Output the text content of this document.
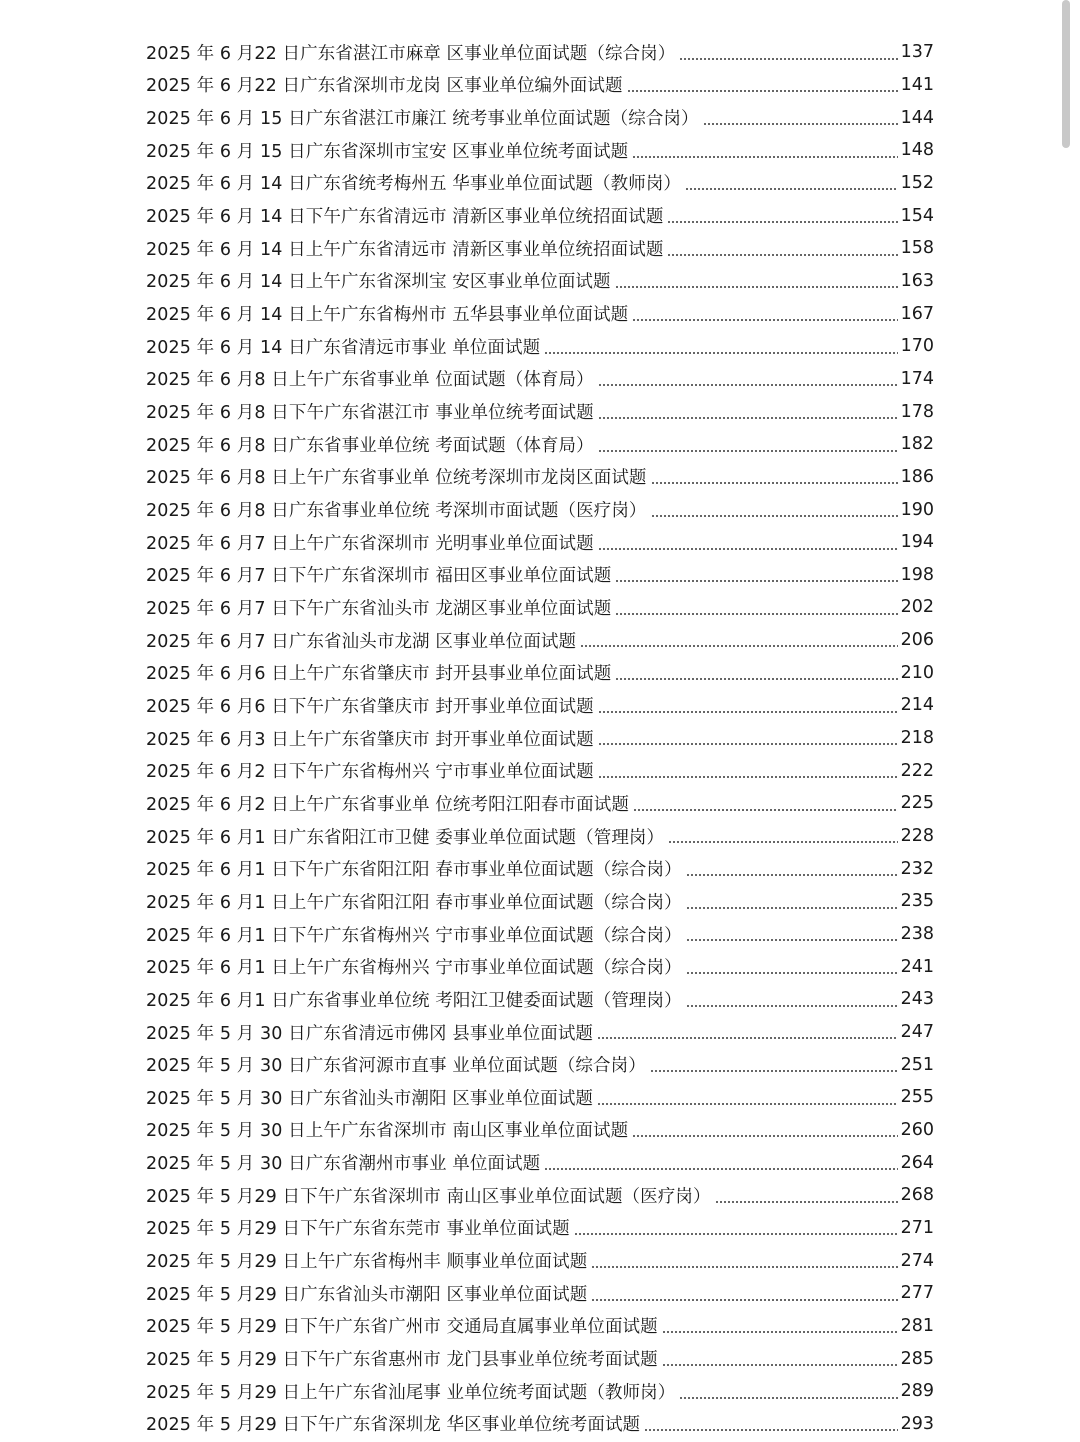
2025 年 6 月22 日广东省湛江市麻章 区事业单位面试题（综合岗）	137
2025 年 6 月22 日广东省深圳市龙岗 区事业单位编外面试题	141
2025 年 6 月 15 日广东省湛江市廉江 统考事业单位面试题（综合岗）	144
2025 年 6 月 15 日广东省深圳市宝安 区事业单位统考面试题	148
2025 年 6 月 14 日广东省统考梅州五 华事业单位面试题（教师岗）	152
2025 年 6 月 14 日下午广东省清远市 清新区事业单位统招面试题	154
2025 年 6 月 14 日上午广东省清远市 清新区事业单位统招面试题	158
2025 年 6 月 14 日上午广东省深圳宝 安区事业单位面试题	163
2025 年 6 月 14 日上午广东省梅州市 五华县事业单位面试题	167
2025 年 6 月 14 日广东省清远市事业 单位面试题	170
2025 年 6 月8 日上午广东省事业单 位面试题（体育局）	174
2025 年 6 月8 日下午广东省湛江市 事业单位统考面试题	178
2025 年 6 月8 日广东省事业单位统 考面试题（体育局）	182
2025 年 6 月8 日上午广东省事业单 位统考深圳市龙岗区面试题	186
2025 年 6 月8 日广东省事业单位统 考深圳市面试题（医疗岗）	190
2025 年 6 月7 日上午广东省深圳市 光明事业单位面试题	194
2025 年 6 月7 日下午广东省深圳市 福田区事业单位面试题	198
2025 年 6 月7 日下午广东省汕头市 龙湖区事业单位面试题	202
2025 年 6 月7 日广东省汕头市龙湖 区事业单位面试题	206
2025 年 6 月6 日上午广东省肇庆市 封开县事业单位面试题	210
2025 年 6 月6 日下午广东省肇庆市 封开事业单位面试题	214
2025 年 6 月3 日上午广东省肇庆市 封开事业单位面试题	218
2025 年 6 月2 日下午广东省梅州兴 宁市事业单位面试题	222
2025 年 6 月2 日上午广东省事业单 位统考阳江阳春市面试题	225
2025 年 6 月1 日广东省阳江市卫健 委事业单位面试题（管理岗）	228
2025 年 6 月1 日下午广东省阳江阳 春市事业单位面试题（综合岗）	232
2025 年 6 月1 日上午广东省阳江阳 春市事业单位面试题（综合岗）	235
2025 年 6 月1 日下午广东省梅州兴 宁市事业单位面试题（综合岗）	238
2025 年 6 月1 日上午广东省梅州兴 宁市事业单位面试题（综合岗）	241
2025 年 6 月1 日广东省事业单位统 考阳江卫健委面试题（管理岗）	243
2025 年 5 月 30 日广东省清远市佛冈 县事业单位面试题	247
2025 年 5 月 30 日广东省河源市直事 业单位面试题（综合岗）	251
2025 年 5 月 30 日广东省汕头市潮阳 区事业单位面试题	255
2025 年 5 月 30 日上午广东省深圳市 南山区事业单位面试题	260
2025 年 5 月 30 日广东省潮州市事业 单位面试题	264
2025 年 5 月29 日下午广东省深圳市 南山区事业单位面试题（医疗岗）	268
2025 年 5 月29 日下午广东省东莞市 事业单位面试题	271
2025 年 5 月29 日上午广东省梅州丰 顺事业单位面试题	274
2025 年 5 月29 日广东省汕头市潮阳 区事业单位面试题	277
2025 年 5 月29 日下午广东省广州市 交通局直属事业单位面试题	281
2025 年 5 月29 日下午广东省惠州市 龙门县事业单位统考面试题	285
2025 年 5 月29 日上午广东省汕尾事 业单位统考面试题（教师岗）	289
2025 年 5 月29 日下午广东省深圳龙 华区事业单位统考面试题	293
